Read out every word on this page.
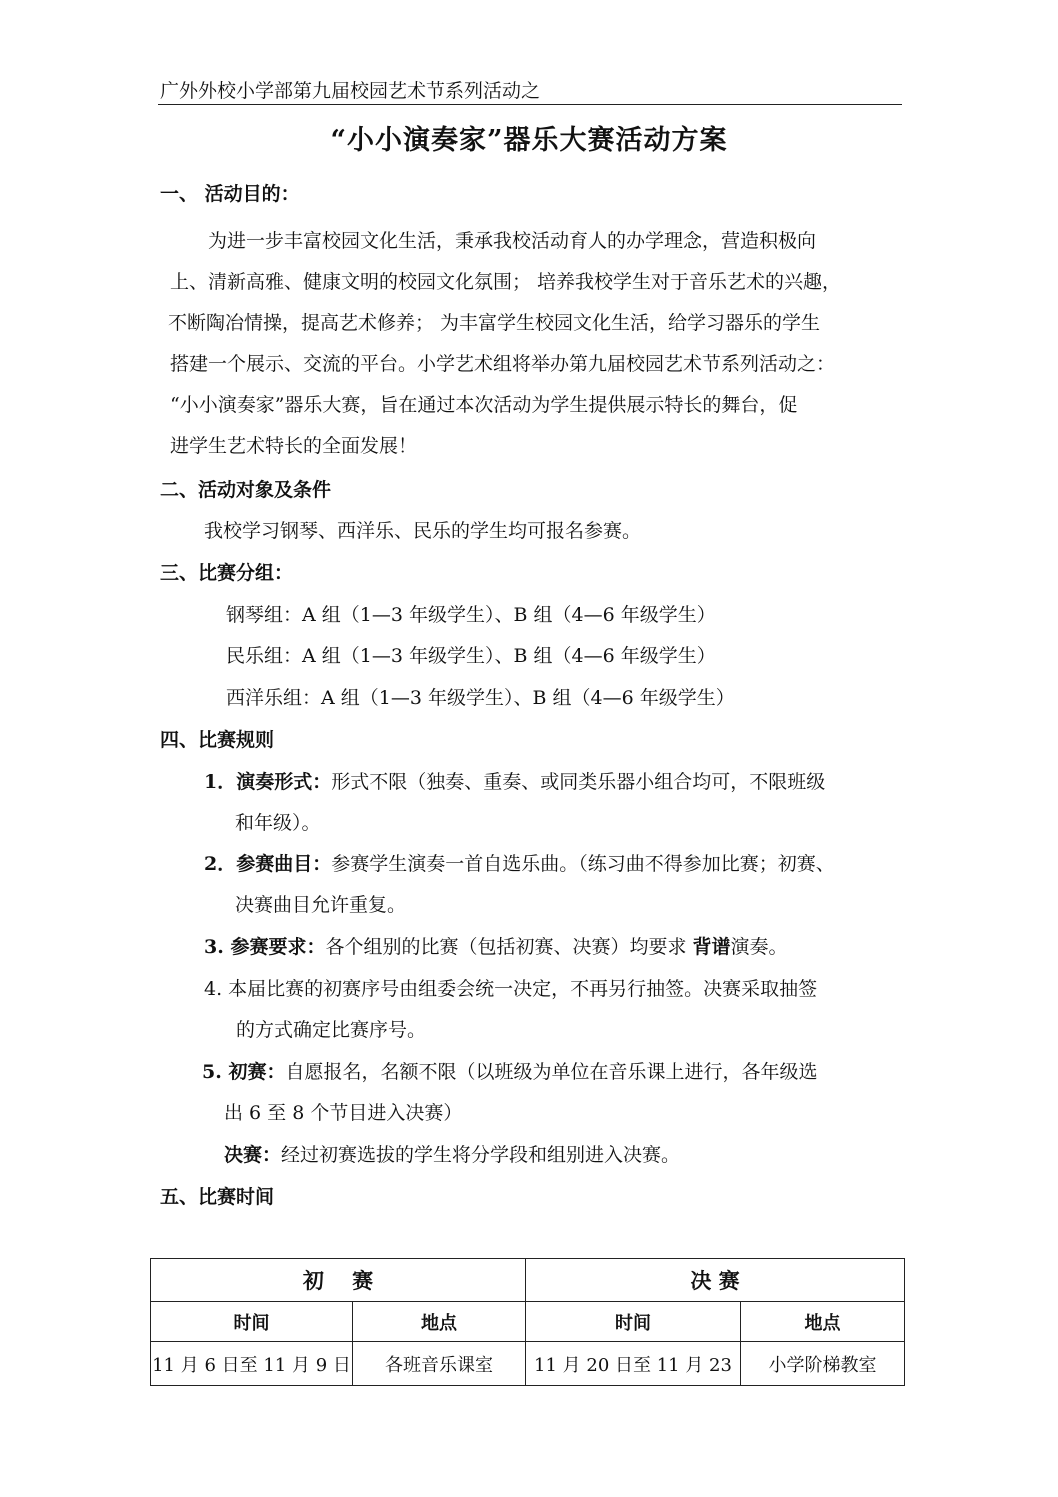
广外外校小学部第九届校园艺术节系列活动之
“小小演奏家”器乐大赛活动方案
一、 活动目的：
为进一步丰富校园文化生活，秉承我校活动育人的办学理念，营造积极向
上、清新高雅、健康文明的校园文化氛围； 培养我校学生对于音乐艺术的兴趣，
不断陶冶情操，提高艺术修养； 为丰富学生校园文化生活，给学习器乐的学生
搭建一个展示、交流的平台。小学艺术组将举办第九届校园艺术节系列活动之：
“小小演奏家”器乐大赛，旨在通过本次活动为学生提供展示特长的舞台，促
进学生艺术特长的全面发展！
二、活动对象及条件
我校学习钢琴、西洋乐、民乐的学生均可报名参赛。
三、比赛分组：
钢琴组：A 组（1—3 年级学生）、B 组（4—6 年级学生）
民乐组：A 组（1—3 年级学生）、B 组（4—6 年级学生）
西洋乐组：A 组（1—3 年级学生）、B 组（4—6 年级学生）
四、比赛规则
1．演奏形式：形式不限（独奏、重奏、或同类乐器小组合均可，不限班级
和年级）。
2．参赛曲目：参赛学生演奏一首自选乐曲。（练习曲不得参加比赛；初赛、
决赛曲目允许重复。
3. 参赛要求：各个组别的比赛（包括初赛、决赛）均要求 背谱演奏。
4. 本届比赛的初赛序号由组委会统一决定，不再另行抽签。决赛采取抽签
的方式确定比赛序号。
5. 初赛：自愿报名，名额不限（以班级为单位在音乐课上进行，各年级选
出 6 至 8 个节目进入决赛）
决赛：经过初赛选拔的学生将分学段和组别进入决赛。
五、比赛时间
初　 赛		决 赛	
时间	地点	时间	地点
11 月 6 日至 11 月 9 日	各班音乐课室	11 月 20 日至 11 月 23	小学阶梯教室
